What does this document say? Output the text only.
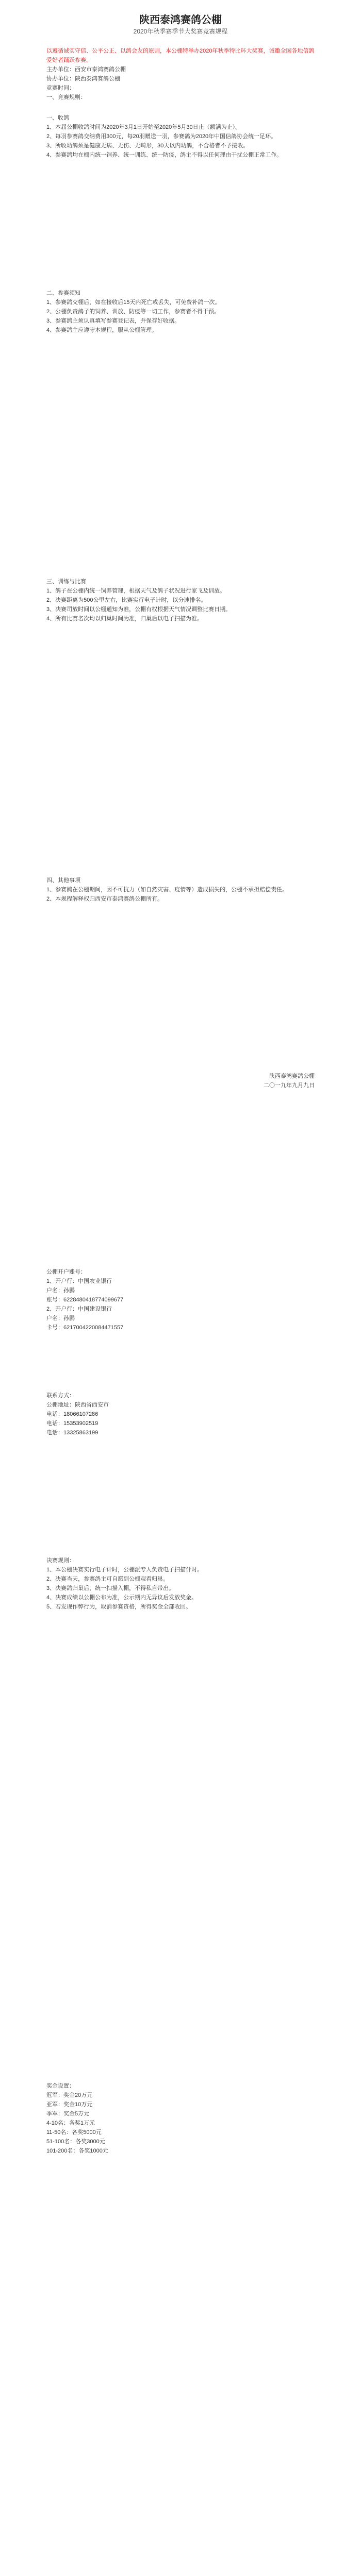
陕西泰鸿赛鸽公棚
2020年秋季赛季节大奖赛竞赛规程

以遵循诚实守信、公平公正、以鸽会友的原则，本公棚特举办2020年秋季特比环大奖赛，诚邀全国各地信鸽爱好者踊跃参赛。

主办单位：西安市泰鸿赛鸽公棚

协办单位：陕西泰鸿赛鸽公棚

竞赛时间：

一、竞赛规则：

一、收鸽

1、本届公棚收鸽时间为2020年3月1日开始至2020年5月30日止（额满为止）。

2、每羽参赛鸽交纳费用300元，每20羽赠送一羽，参赛鸽为2020年中国信鸽协会统一足环。

3、所收幼鸽须是健康无病、无伤、无畸形，30天以内幼鸽，不合格者不予接收。

4、参赛鸽均在棚内统一饲养、统一训练、统一防疫，鸽主不得以任何理由干扰公棚正常工作。

二、参赛须知

1、参赛鸽交棚后，如在接收后15天内死亡或丢失，可免费补鸽一次。

2、公棚负责鸽子的饲养、训放、防疫等一切工作，参赛者不得干预。

3、参赛鸽主须认真填写参赛登记表，并保存好收据。

4、参赛鸽主应遵守本规程，服从公棚管理。

三、训练与比赛

1、鸽子在公棚内统一饲养管理，根据天气及鸽子状况进行家飞及训放。

2、决赛距离为500公里左右，比赛实行电子计时，以分速排名。

3、决赛司放时间以公棚通知为准，公棚有权根据天气情况调整比赛日期。

4、所有比赛名次均以归巢时间为准，归巢后以电子扫描为准。

四、其他事项

1、参赛鸽在公棚期间，因不可抗力（如自然灾害、疫情等）造成损失的，公棚不承担赔偿责任。

2、本规程解释权归西安市泰鸿赛鸽公棚所有。

陕西泰鸿赛鸽公棚

二〇一九年九月九日

公棚开户账号：

1、开户行：中国农业银行

户名：孙鹏

账号：6228480418774099677

2、开户行：中国建设银行

户名：孙鹏

卡号：6217004220084471557

联系方式：

公棚地址：陕西省西安市

电话：18066107286

电话：15353902519

电话：13325863199

决赛规则：

1、本公棚决赛实行电子计时，公棚派专人负责电子扫描计时。

2、决赛当天，参赛鸽主可自愿到公棚观看归巢。

3、决赛鸽归巢后，统一扫描入棚，不得私自带出。

4、决赛成绩以公棚公布为准，公示期内无异议后发放奖金。

5、若发现作弊行为，取消参赛资格，所得奖金全部收回。

奖金设置：

冠军：奖金20万元

亚军：奖金10万元

季军：奖金5万元

4-10名：各奖1万元

11-50名：各奖5000元

51-100名：各奖3000元

101-200名：各奖1000元
